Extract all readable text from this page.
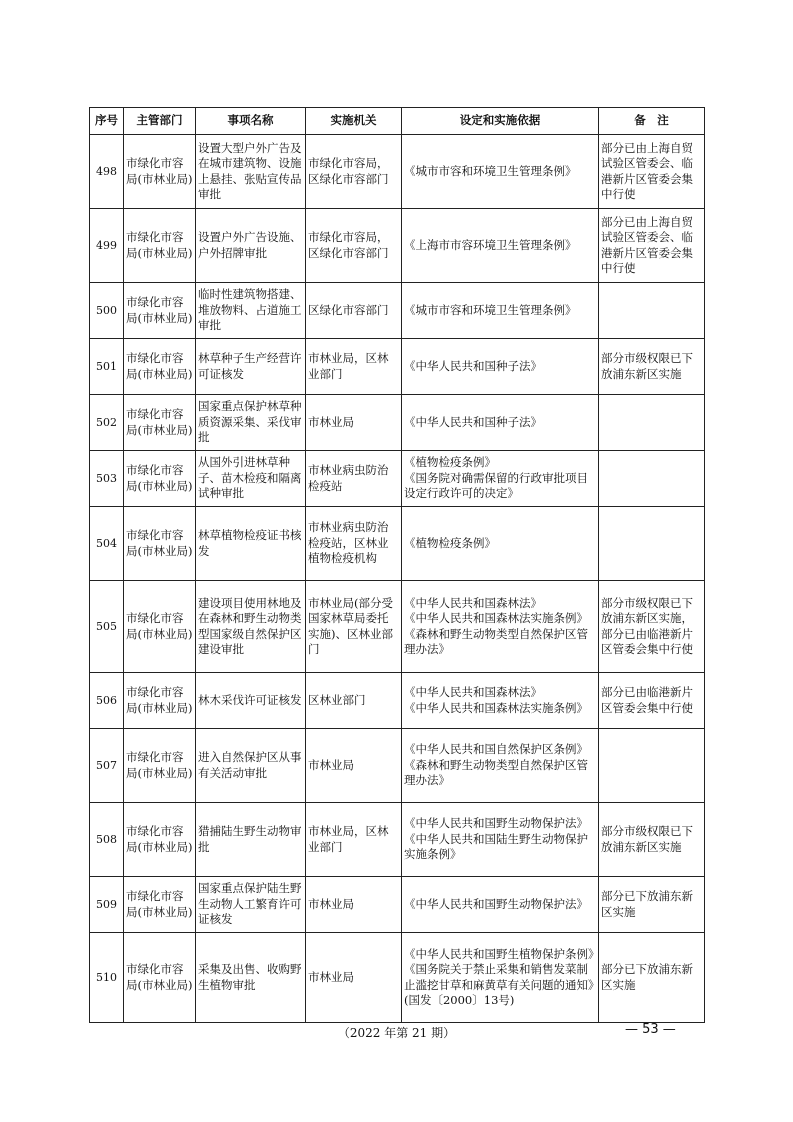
序号	主管部门	事项名称	实施机关	设定和实施依据	备　注
498	市绿化市容局(市林业局)	设置大型户外广告及在城市建筑物、设施上悬挂、张贴宣传品审批	市绿化市容局，区绿化市容部门	《城市市容和环境卫生管理条例》	部分已由上海自贸试验区管委会、临港新片区管委会集中行使
499	市绿化市容局(市林业局)	设置户外广告设施、户外招牌审批	市绿化市容局，区绿化市容部门	《上海市市容环境卫生管理条例》	部分已由上海自贸试验区管委会、临港新片区管委会集中行使
500	市绿化市容局(市林业局)	临时性建筑物搭建、堆放物料、占道施工审批	区绿化市容部门	《城市市容和环境卫生管理条例》	

501	市绿化市容局(市林业局)	林草种子生产经营许可证核发	市林业局，区林业部门	《中华人民共和国种子法》	部分市级权限已下放浦东新区实施
502	市绿化市容局(市林业局)	国家重点保护林草种质资源采集、采伐审批	市林业局	《中华人民共和国种子法》	

503	市绿化市容局(市林业局)	从国外引进林草种子、苗木检疫和隔离试种审批	市林业病虫防治检疫站	《植物检疫条例》
《国务院对确需保留的行政审批项目设定行政许可的决定》	

504	市绿化市容局(市林业局)	林草植物检疫证书核发	市林业病虫防治检疫站，区林业植物检疫机构	《植物检疫条例》	

505	市绿化市容局(市林业局)	建设项目使用林地及在森林和野生动物类型国家级自然保护区建设审批	市林业局(部分受国家林草局委托实施)、区林业部门	《中华人民共和国森林法》
《中华人民共和国森林法实施条例》
《森林和野生动物类型自然保护区管理办法》	部分市级权限已下放浦东新区实施，部分已由临港新片区管委会集中行使
506	市绿化市容局(市林业局)	林木采伐许可证核发	区林业部门	《中华人民共和国森林法》
《中华人民共和国森林法实施条例》	部分已由临港新片区管委会集中行使
507	市绿化市容局(市林业局)	进入自然保护区从事有关活动审批	市林业局	《中华人民共和国自然保护区条例》
《森林和野生动物类型自然保护区管理办法》	

508	市绿化市容局(市林业局)	猎捕陆生野生动物审批	市林业局，区林业部门	《中华人民共和国野生动物保护法》
《中华人民共和国陆生野生动物保护实施条例》	部分市级权限已下放浦东新区实施
509	市绿化市容局(市林业局)	国家重点保护陆生野生动物人工繁育许可证核发	市林业局	《中华人民共和国野生动物保护法》	部分已下放浦东新区实施
510	市绿化市容局(市林业局)	采集及出售、收购野生植物审批	市林业局	《中华人民共和国野生植物保护条例》
《国务院关于禁止采集和销售发菜制止滥挖甘草和麻黄草有关问题的通知》(国发〔2000〕13号)	部分已下放浦东新区实施
（2022 年第 21 期）	— 53 —
